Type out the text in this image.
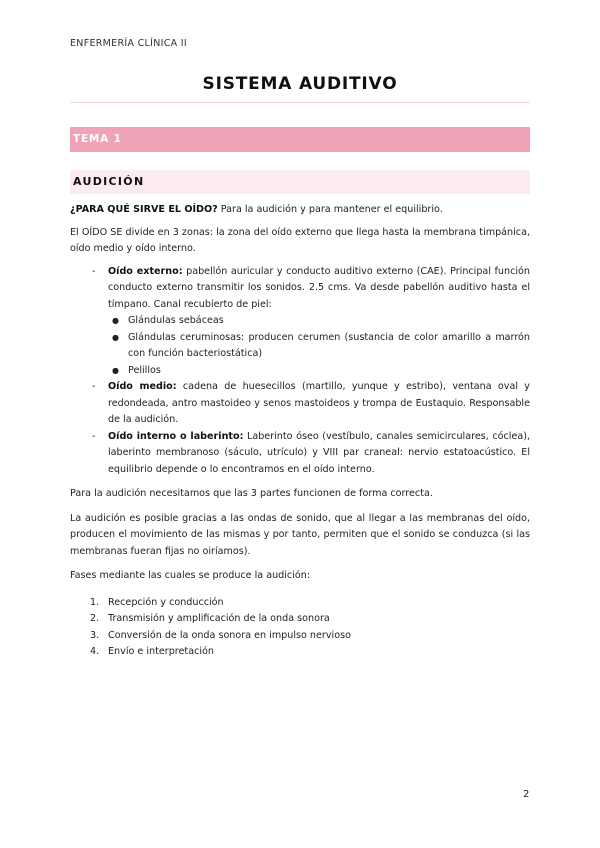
ENFERMERÍA CLÍNICA II
SISTEMA AUDITIVO
TEMA 1
AUDICIÓN

¿PARA QUÉ SIRVE EL OÍDO? Para la audición y para mantener el equilibrio.

El OÍDO SE divide en 3 zonas: la zona del oído externo que llega hasta la membrana timpánica, oído medio y oído interno.

- Oído externo: pabellón auricular y conducto auditivo externo (CAE). Principal función conducto externo transmitir los sonidos. 2.5 cms. Va desde pabellón auditivo hasta el tímpano. Canal recubierto de piel:
● Glándulas sebáceas
● Glándulas ceruminosas: producen cerumen (sustancia de color amarillo a marrón con función bacteriostática)
● Pelillos
- Oído medio: cadena de huesecillos (martillo, yunque y estribo), ventana oval y redondeada, antro mastoideo y senos mastoideos y trompa de Eustaquio. Responsable de la audición.
- Oído interno o laberinto: Laberinto óseo (vestíbulo, canales semicirculares, cóclea), laberinto membranoso (sáculo, utrículo) y VIII par craneal: nervio estatoacústico. El equilibrio depende o lo encontramos en el oído interno.

Para la audición necesitamos que las 3 partes funcionen de forma correcta.

La audición es posible gracias a las ondas de sonido, que al llegar a las membranas del oído, producen el movimiento de las mismas y por tanto, permiten que el sonido se conduzca (si las membranas fueran fijas no oiríamos).

Fases mediante las cuales se produce la audición:

1. Recepción y conducción
2. Transmisión y amplificación de la onda sonora
3. Conversión de la onda sonora en impulso nervioso
4. Envío e interpretación
2
